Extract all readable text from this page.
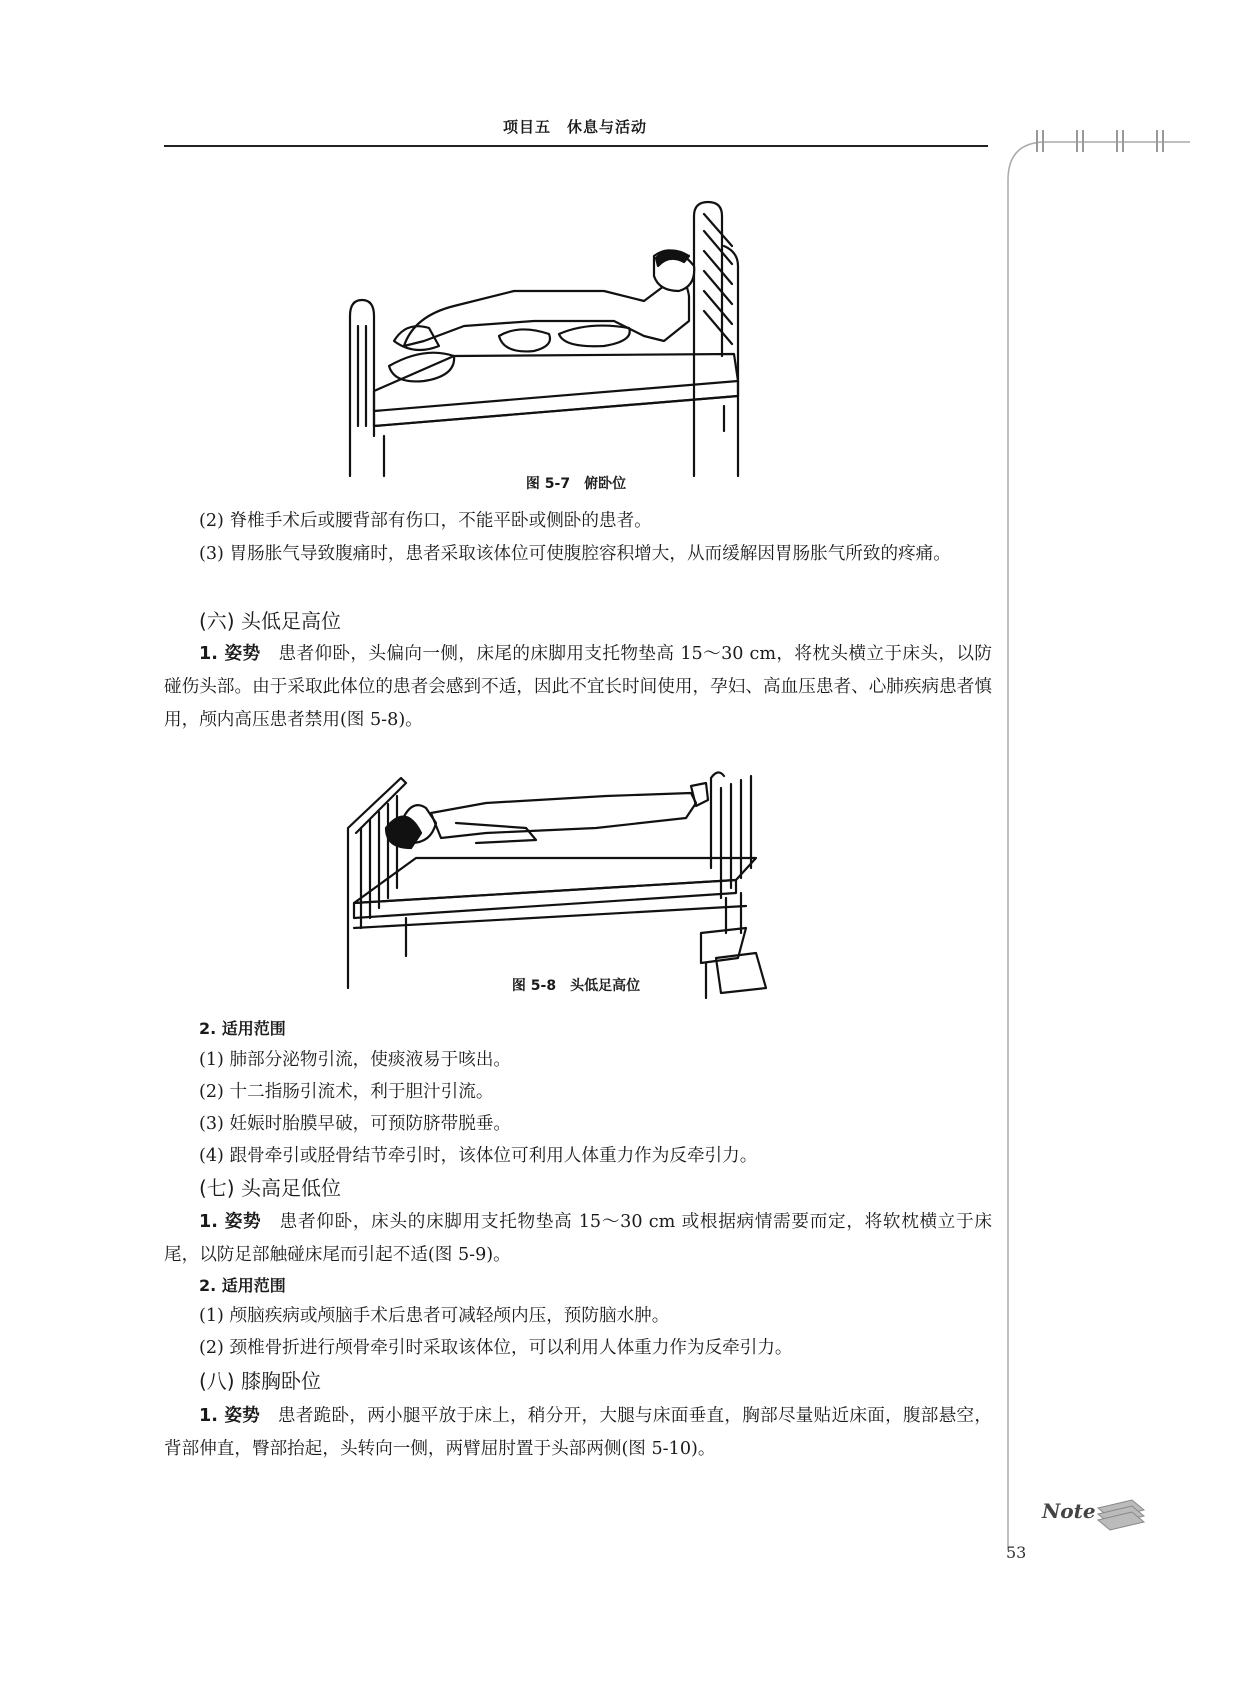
项目五　休息与活动
图 5-7　俯卧位
(2) 脊椎手术后或腰背部有伤口，不能平卧或侧卧的患者。
(3) 胃肠胀气导致腹痛时，患者采取该体位可使腹腔容积增大，从而缓解因胃肠胀气所致的疼痛。
(六) 头低足高位
1. 姿势　 患者仰卧，头偏向一侧，床尾的床脚用支托物垫高 15～30 cm，将枕头横立于床头，以防碰伤头部。由于采取此体位的患者会感到不适，因此不宜长时间使用，孕妇、高血压患者、心肺疾病患者慎用，颅内高压患者禁用(图 5-8)。
图 5-8　头低足高位
2. 适用范围
(1) 肺部分泌物引流，使痰液易于咳出。
(2) 十二指肠引流术，利于胆汁引流。
(3) 妊娠时胎膜早破，可预防脐带脱垂。
(4) 跟骨牵引或胫骨结节牵引时，该体位可利用人体重力作为反牵引力。
(七) 头高足低位
1. 姿势　 患者仰卧，床头的床脚用支托物垫高 15～30 cm 或根据病情需要而定，将软枕横立于床尾，以防足部触碰床尾而引起不适(图 5-9)。
2. 适用范围
(1) 颅脑疾病或颅脑手术后患者可减轻颅内压，预防脑水肿。
(2) 颈椎骨折进行颅骨牵引时采取该体位，可以利用人体重力作为反牵引力。
(八) 膝胸卧位
1. 姿势　 患者跪卧，两小腿平放于床上，稍分开，大腿与床面垂直，胸部尽量贴近床面，腹部悬空，背部伸直，臀部抬起，头转向一侧，两臂屈肘置于头部两侧(图 5-10)。
Note
53
